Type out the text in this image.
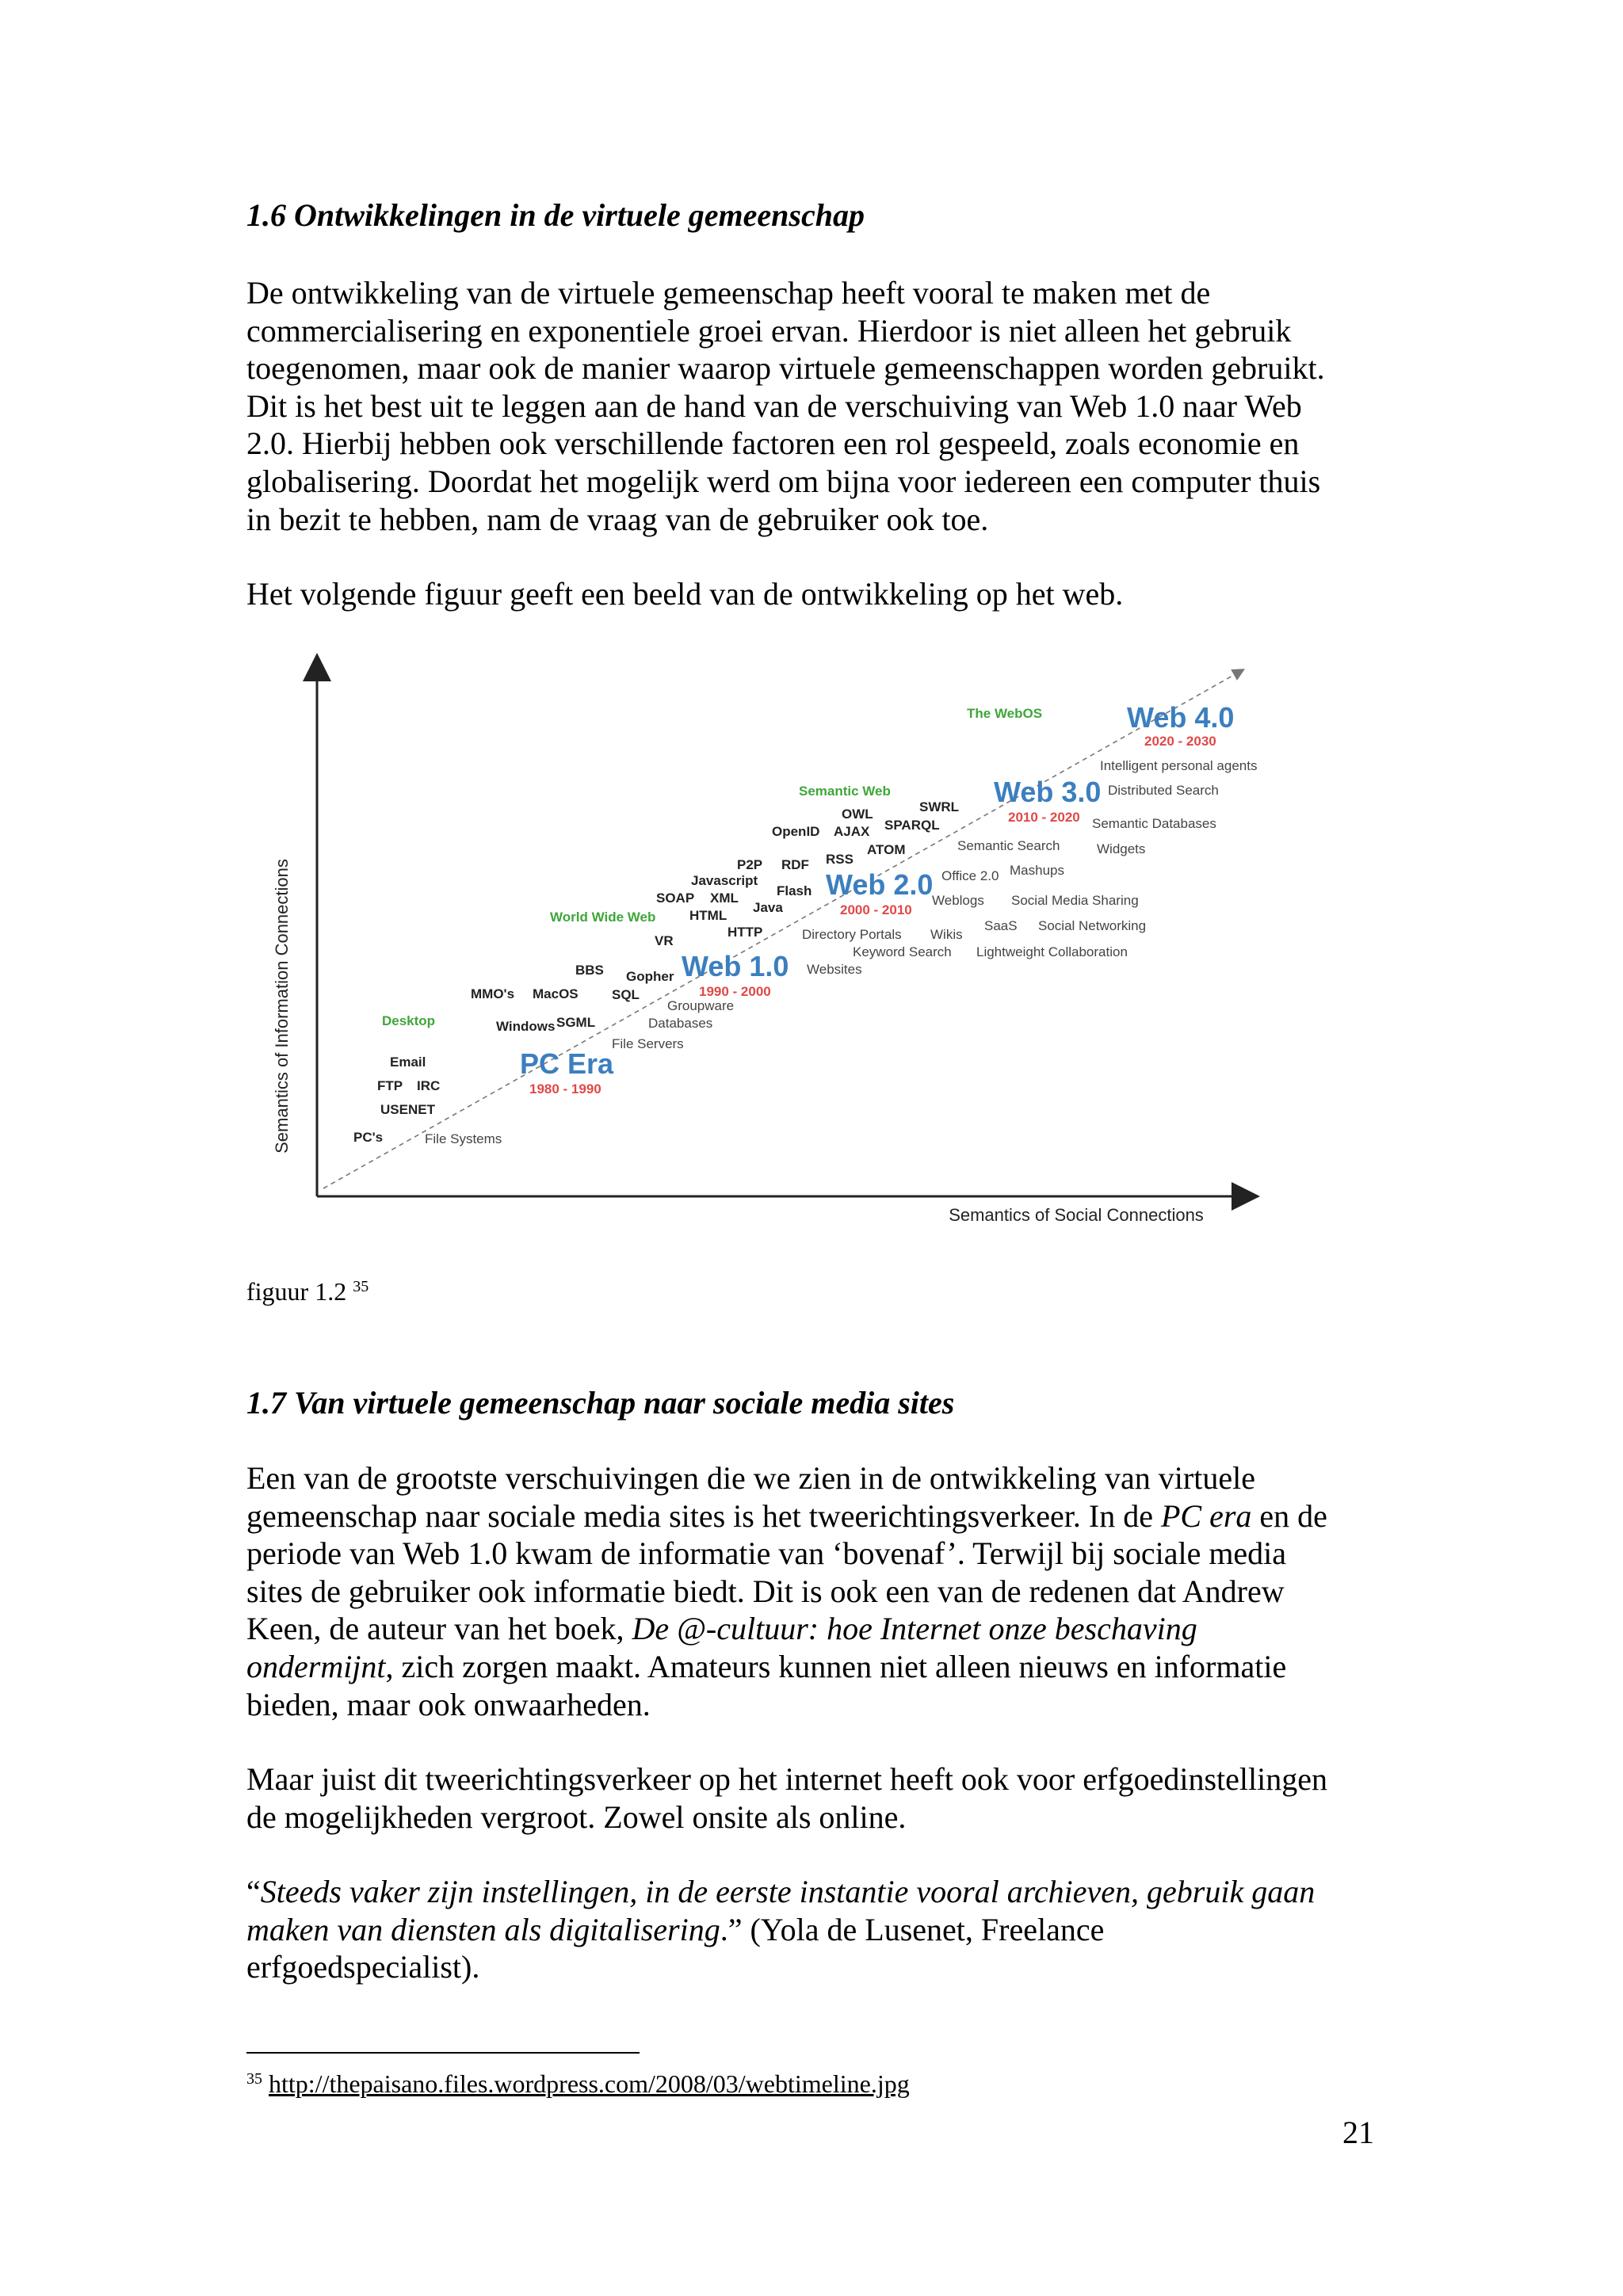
1.6 Ontwikkelingen in de virtuele gemeenschap
De ontwikkeling van de virtuele gemeenschap heeft vooral te maken met de
commercialisering en exponentiele groei ervan. Hierdoor is niet alleen het gebruik
toegenomen, maar ook de manier waarop virtuele gemeenschappen worden gebruikt.
Dit is het best uit te leggen aan de hand van de verschuiving van Web 1.0 naar Web
2.0. Hierbij hebben ook verschillende factoren een rol gespeeld, zoals economie en
globalisering. Doordat het mogelijk werd om bijna voor iedereen een computer thuis
in bezit te hebben, nam de vraag van de gebruiker ook toe.
Het volgende figuur geeft een beeld van de ontwikkeling op het web.
Semantics of Information Connections
Semantics of Social Connections
Desktop
Email
FTP IRC
USENET
PC's	File Systems
PC Era
1980 - 1990
File Servers
Windows SGML	Databases
Groupware
MMO's MacOS SQL
BBS Gopher
World Wide Web
VR
Web 1.0
1990 - 2000
Websites
HTTP
HTML
SOAP XML
Java
Javascript
Flash
P2P RDF
Directory Portals
Keyword Search
Wikis
Semantic Web
OWL	SWRL
OpenID AJAX SPARQL
RSS
ATOM
Web 2.0
2000 - 2010
Office 2.0
Weblogs
Semantic Search
Mashups
Social Media Sharing
SaaS Social Networking
Lightweight Collaboration
Web 3.0
2010 - 2020
Distributed Search
Semantic Databases
Widgets
The WebOS	Web 4.0
2020 - 2030
Intelligent personal agents
figuur 1.2 $^{35}$
1.7 Van virtuele gemeenschap naar sociale media sites
Een van de grootste verschuivingen die we zien in de ontwikkeling van virtuele
gemeenschap naar sociale media sites is het tweerichtingsverkeer. In de PC era en de
periode van Web 1.0 kwam de informatie van ‘bovenaf’. Terwijl bij sociale media
sites de gebruiker ook informatie biedt. Dit is ook een van de redenen dat Andrew
Keen, de auteur van het boek, De @-cultuur: hoe Internet onze beschaving
ondermijnt, zich zorgen maakt. Amateurs kunnen niet alleen nieuws en informatie
bieden, maar ook onwaarheden.
Maar juist dit tweerichtingsverkeer op het internet heeft ook voor erfgoedinstellingen
de mogelijkheden vergroot. Zowel onsite als online.
“Steeds vaker zijn instellingen, in de eerste instantie vooral archieven, gebruik gaan
maken van diensten als digitalisering.” (Yola de Lusenet, Freelance
erfgoedspecialist).
$^{35}$ http://thepaisano.files.wordpress.com/2008/03/webtimeline.jpg
21
